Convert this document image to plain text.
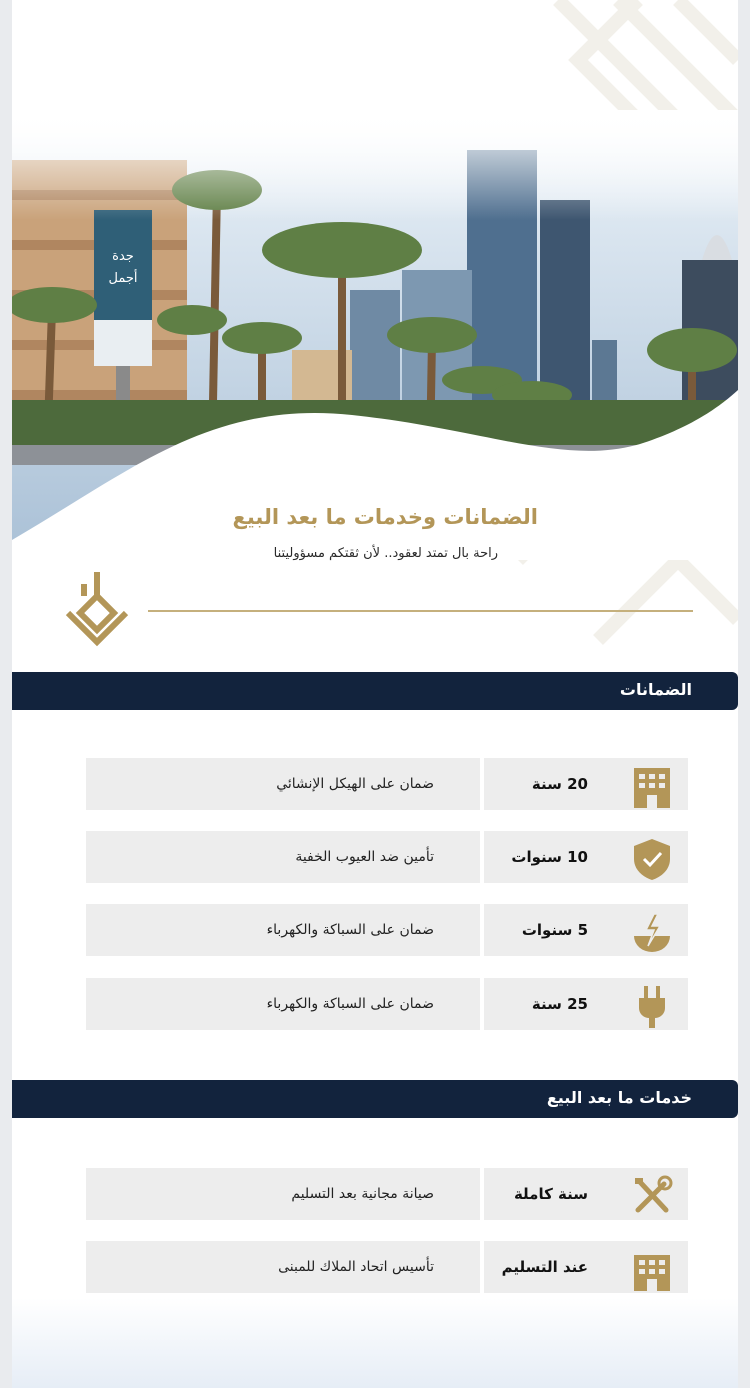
جدة
أجمل
الضمانات وخدمات ما بعد البيع
راحة بال تمتد لعقود.. لأن ثقتكم مسؤوليتنا
الضمانات
ضمان على الهيكل الإنشائي	20 سنة
تأمين ضد العيوب الخفية	10 سنوات
ضمان على السباكة والكهرباء	5 سنوات
ضمان على السباكة والكهرباء	25 سنة
خدمات ما بعد البيع
صيانة مجانية بعد التسليم	سنة كاملة
تأسيس اتحاد الملاك للمبنى	عند التسليم
